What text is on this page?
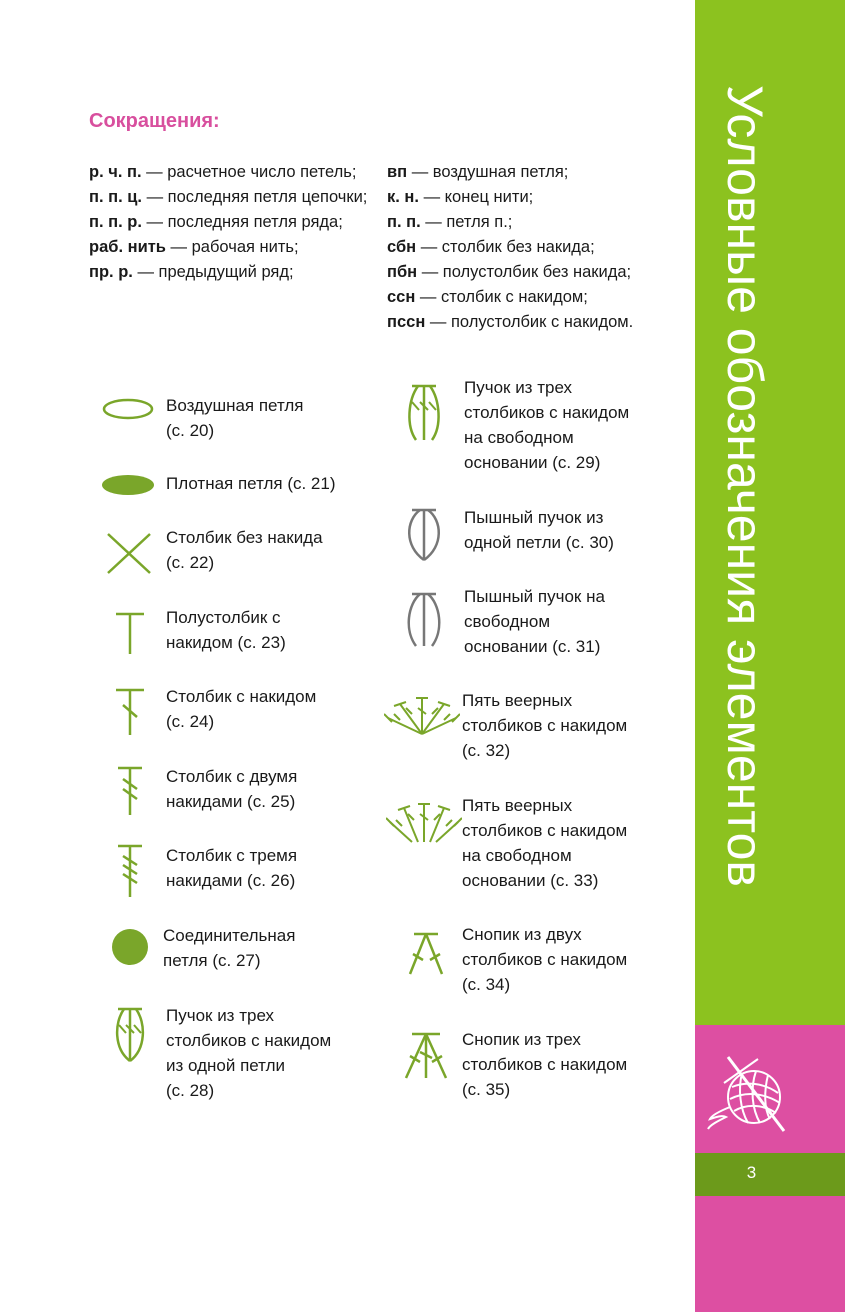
Сокращения:

р. ч. п. — расчетное число петель;

п. п. ц. — последняя петля цепочки;

п. п. р. — последняя петля ряда;

раб. нить — рабочая нить;

пр. р. — предыдущий ряд;

вп — воздушная петля;

к. н. — конец нити;

п. п. — петля п.;

сбн — столбик без накида;

пбн — полустолбик без накида;

ссн — столбик с накидом;

пссн — полустолбик с накидом.

Воздушная петля
(с. 20)
Плотная петля (с. 21)
Столбик без накида
(с. 22)
Полустолбик с
накидом (с. 23)
Столбик с накидом
(с. 24)
Столбик с двумя
накидами (с. 25)
Столбик с тремя
накидами (с. 26)
Соединительная
петля (с. 27)
Пучок из трех
столбиков с накидом
из одной петли
(с. 28)
Пучок из трех
столбиков с накидом
на свободном
основании (с. 29)
Пышный пучок из
одной петли (с. 30)
Пышный пучок на
свободном
основании (с. 31)
Пять веерных
столбиков с накидом
(с. 32)
Пять веерных
столбиков с накидом
на свободном
основании (с. 33)
Снопик из двух
столбиков с накидом
(с. 34)
Снопик из трех
столбиков с накидом
(с. 35)
Условные обозначения элементов
3
